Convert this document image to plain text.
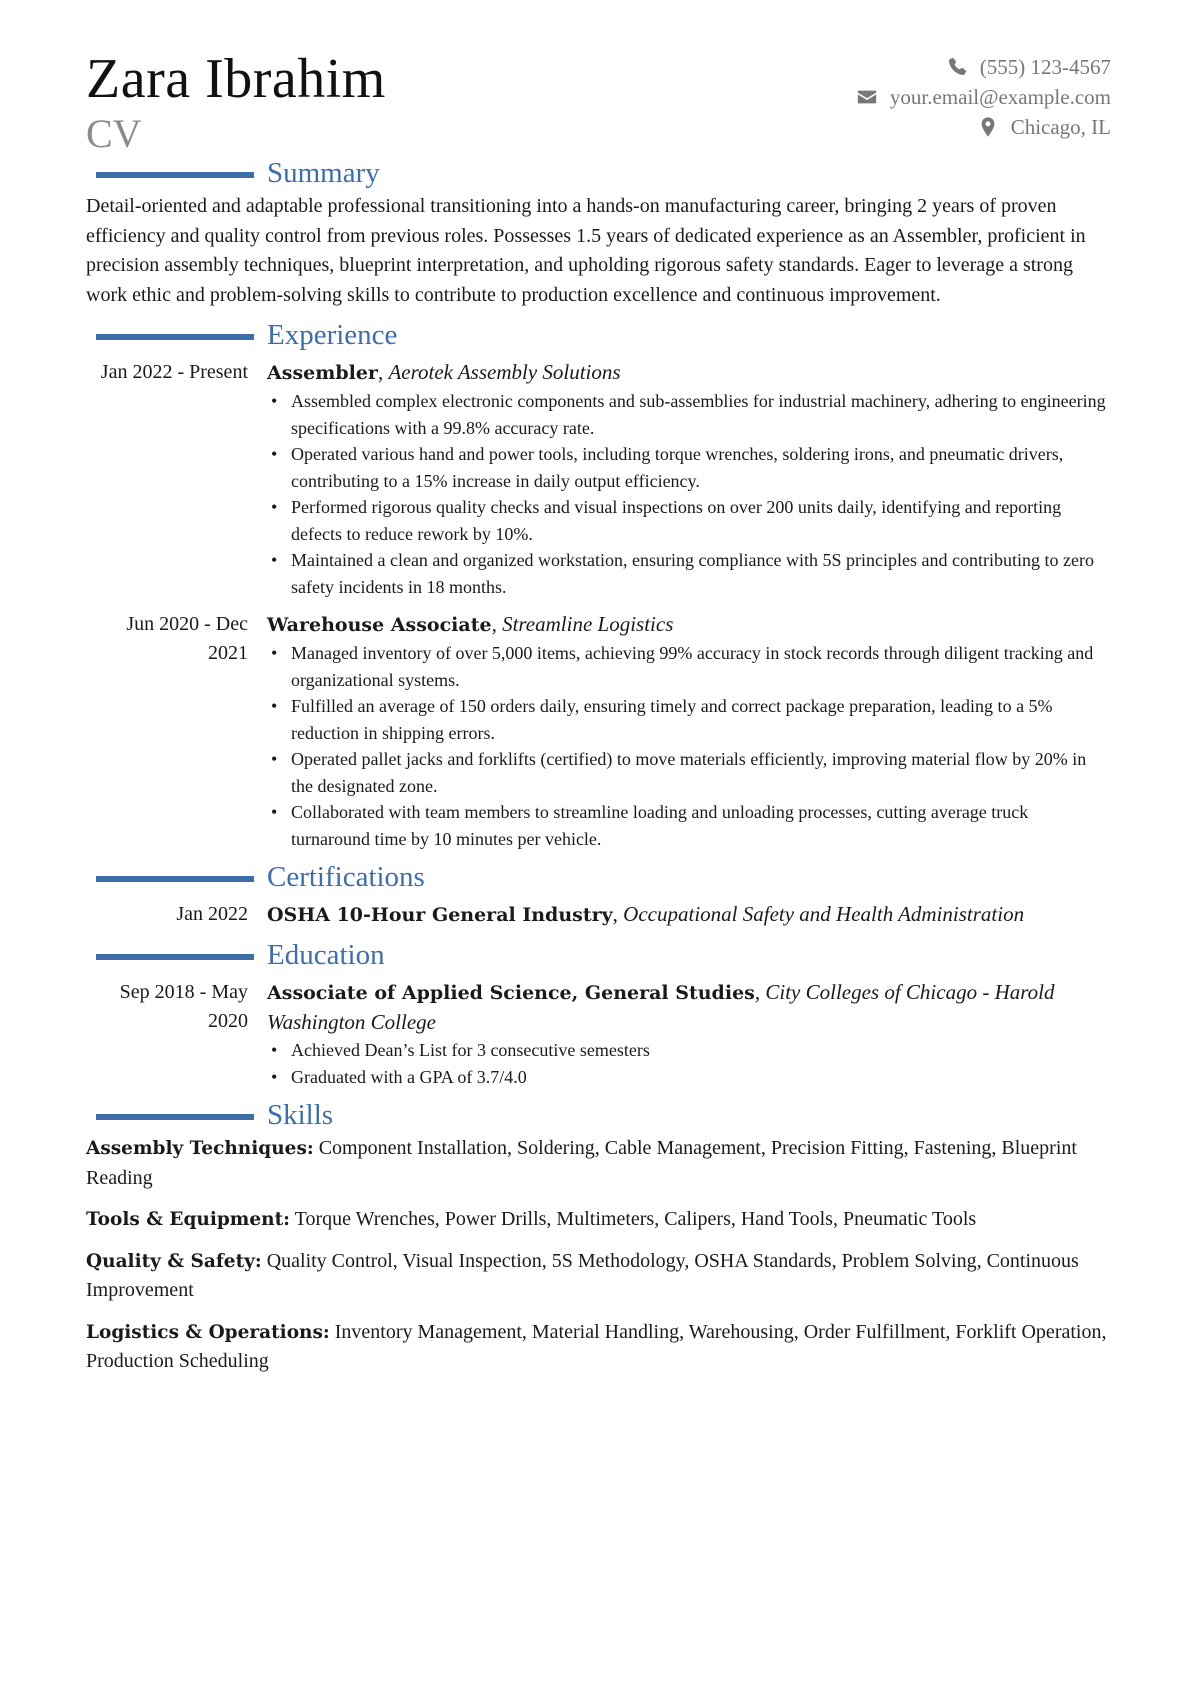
Zara Ibrahim
CV
(555) 123-4567
your.email@example.com
Chicago, IL
Summary

Detail-oriented and adaptable professional transitioning into a hands-on manufacturing career, bringing 2 years of proven efficiency and quality control from previous roles. Possesses 1.5 years of dedicated experience as an Assembler, proficient in precision assembly techniques, blueprint interpretation, and upholding rigorous safety standards. Eager to leverage a strong work ethic and problem-solving skills to contribute to production excellence and continuous improvement.

Experience
Jan 2022 - Present	Assembler, Aerotek Assembly Solutions
• Assembled complex electronic components and sub-assemblies for industrial machinery, adhering to engineering specifications with a 99.8% accuracy rate.
• Operated various hand and power tools, including torque wrenches, soldering irons, and pneumatic drivers, contributing to a 15% increase in daily output efficiency.
• Performed rigorous quality checks and visual inspections on over 200 units daily, identifying and reporting defects to reduce rework by 10%.
• Maintained a clean and organized workstation, ensuring compliance with 5S principles and contributing to zero safety incidents in 18 months.
Jun 2020 - Dec 2021
Warehouse Associate, Streamline Logistics
• Managed inventory of over 5,000 items, achieving 99% accuracy in stock records through diligent tracking and organizational systems.
• Fulfilled an average of 150 orders daily, ensuring timely and correct package preparation, leading to a 5% reduction in shipping errors.
• Operated pallet jacks and forklifts (certified) to move materials efficiently, improving material flow by 20% in the designated zone.
• Collaborated with team members to streamline loading and unloading processes, cutting average truck turnaround time by 10 minutes per vehicle.
Certifications
Jan 2022	OSHA 10-Hour General Industry, Occupational Safety and Health Administration
Education
Sep 2018 - May 2020
Associate of Applied Science, General Studies, City Colleges of Chicago - Harold Washington College
• Achieved Dean’s List for 3 consecutive semesters
• Graduated with a GPA of 3.7/4.0
Skills

Assembly Techniques: Component Installation, Soldering, Cable Management, Precision Fitting, Fastening, Blueprint Reading

Tools & Equipment: Torque Wrenches, Power Drills, Multimeters, Calipers, Hand Tools, Pneumatic Tools

Quality & Safety: Quality Control, Visual Inspection, 5S Methodology, OSHA Standards, Problem Solving, Continuous Improvement

Logistics & Operations: Inventory Management, Material Handling, Warehousing, Order Fulfillment, Forklift Operation, Production Scheduling
